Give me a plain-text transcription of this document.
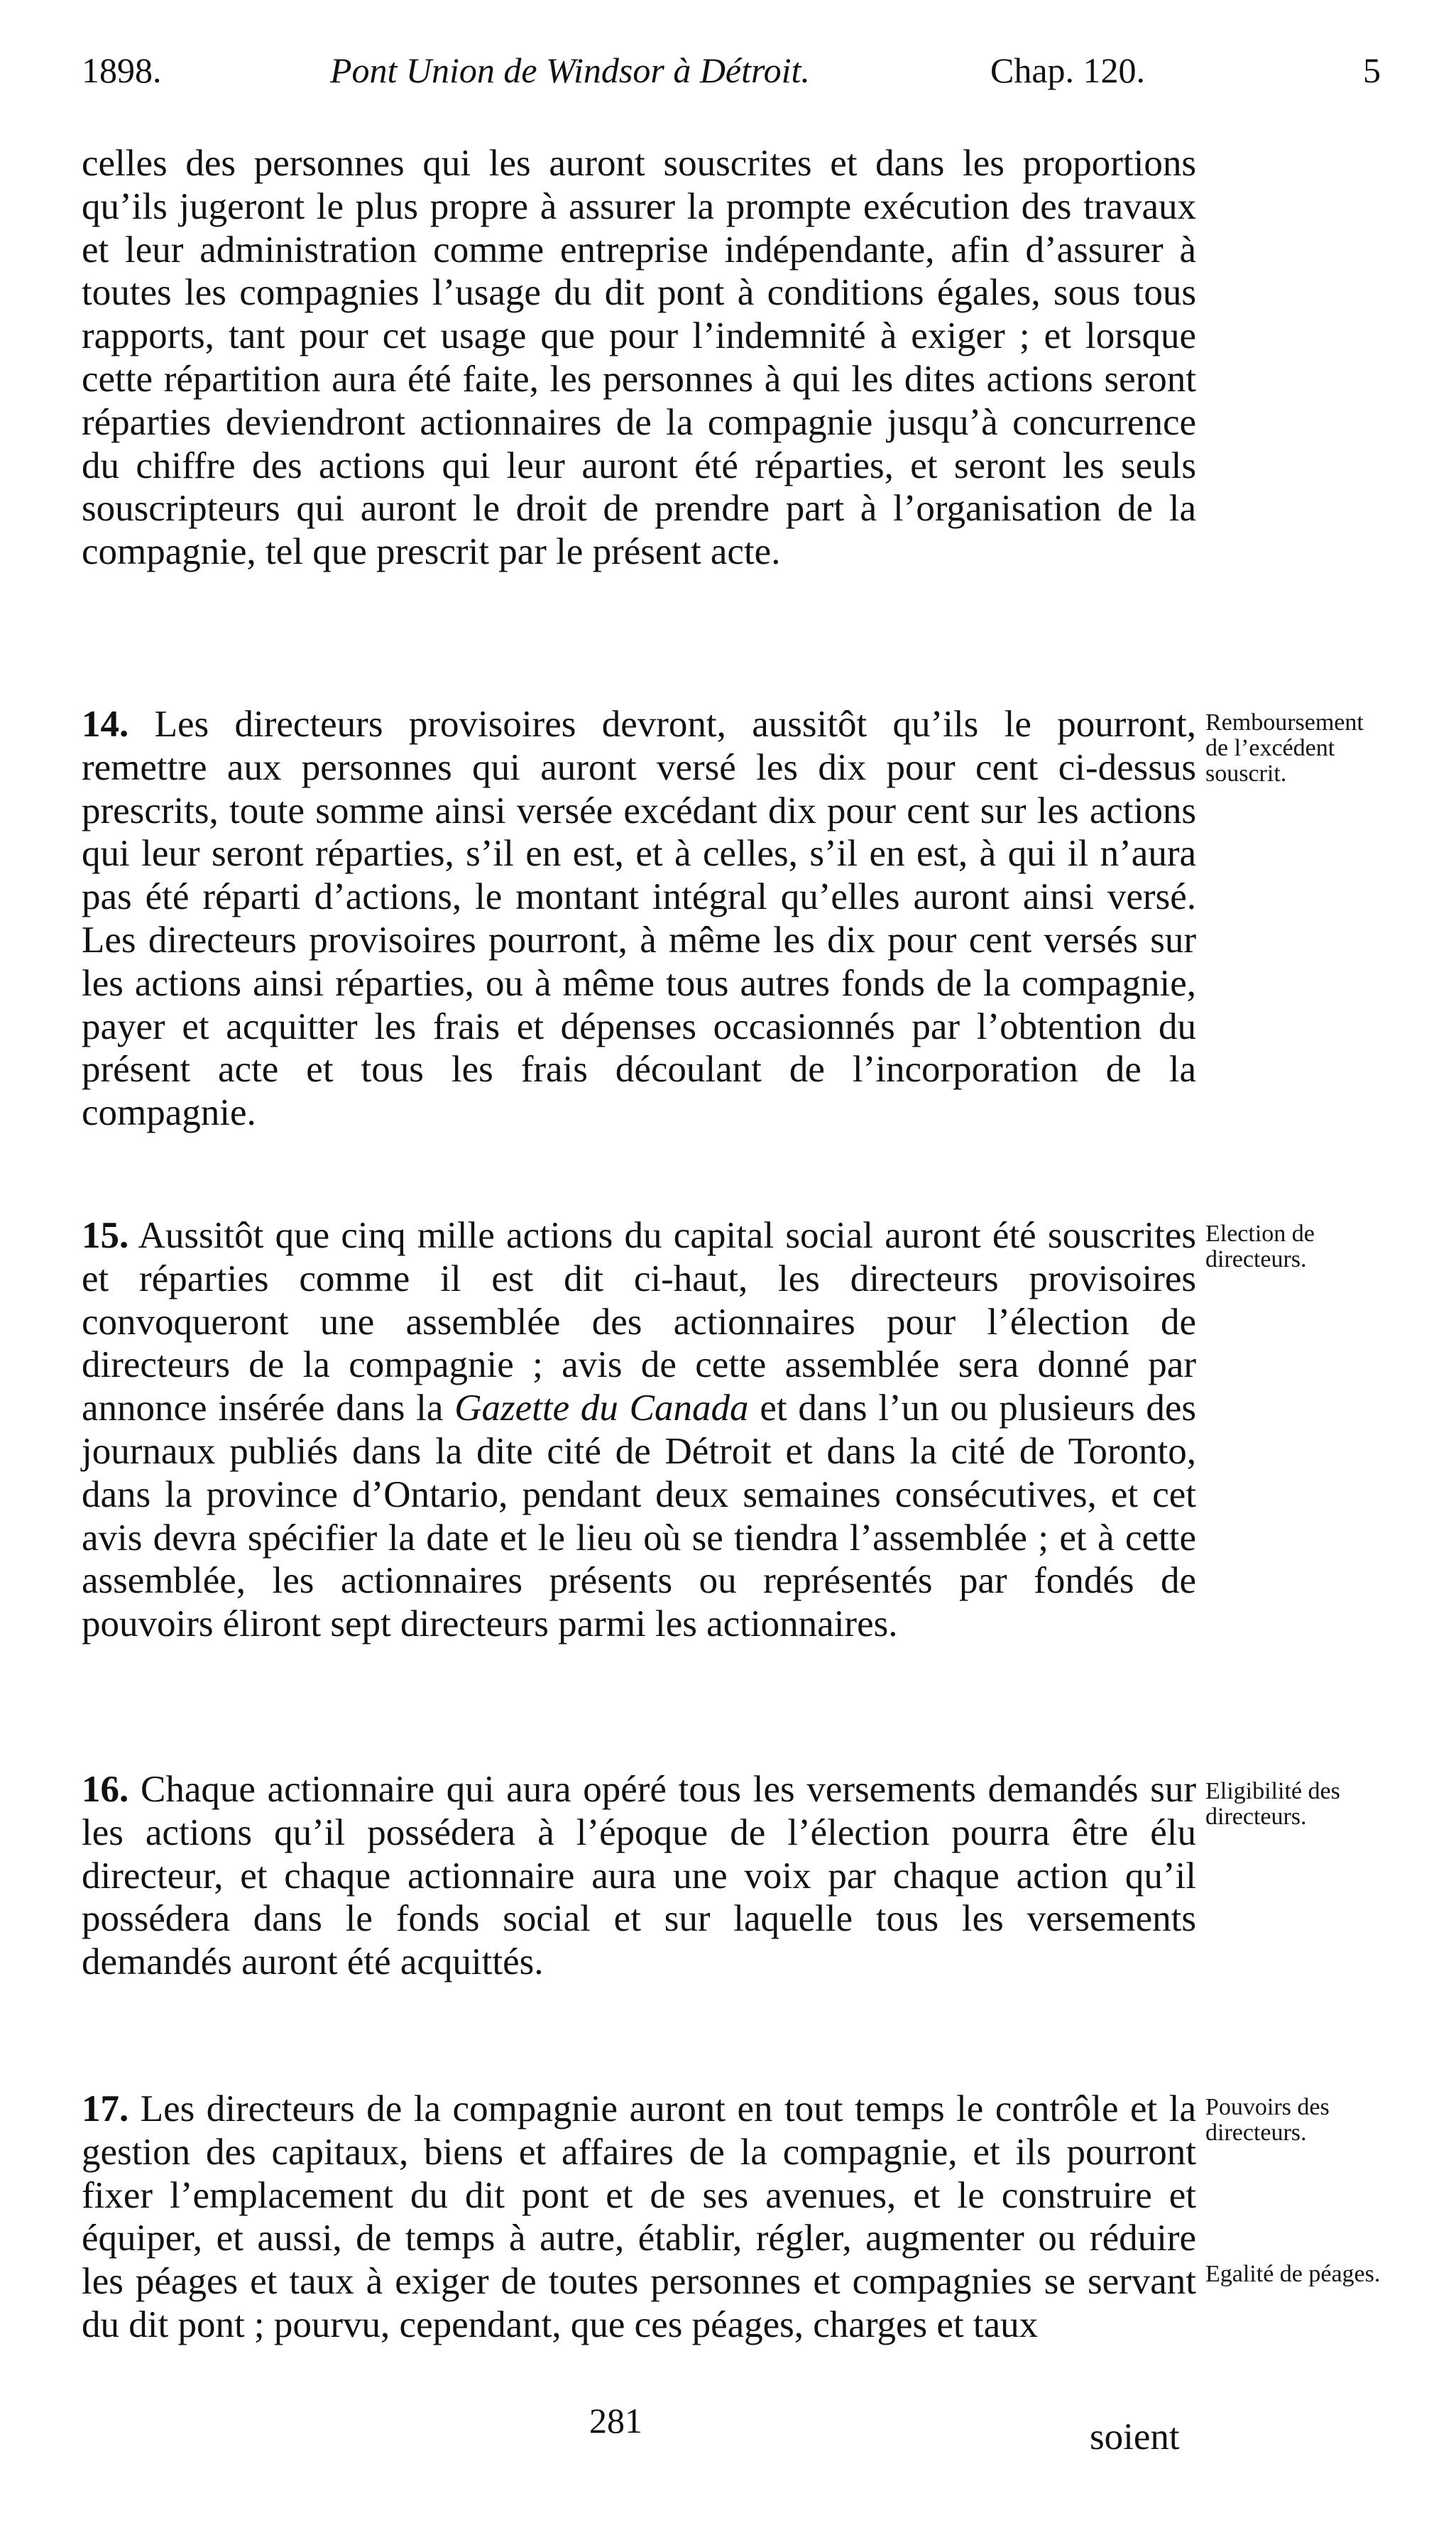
1898.	Pont Union de Windsor à Détroit.	Chap. 120.	5

celles des personnes qui les auront souscrites et dans les proportions qu’ils jugeront le plus propre à assurer la prompte exécution des travaux et leur administration comme entreprise indépendante, afin d’assurer à toutes les compagnies l’usage du dit pont à conditions égales, sous tous rapports, tant pour cet usage que pour l’indemnité à exiger ; et lorsque cette répartition aura été faite, les personnes à qui les dites actions seront réparties deviendront actionnaires de la compagnie jusqu’à concurrence du chiffre des actions qui leur auront été réparties, et seront les seuls souscripteurs qui auront le droit de prendre part à l’organisation de la compagnie, tel que prescrit par le présent acte.

14. Les directeurs provisoires devront, aussitôt qu’ils le pourront, remettre aux personnes qui auront versé les dix pour cent ci-dessus prescrits, toute somme ainsi versée excédant dix pour cent sur les actions qui leur seront réparties, s’il en est, et à celles, s’il en est, à qui il n’aura pas été réparti d’actions, le montant intégral qu’elles auront ainsi versé. Les directeurs provisoires pourront, à même les dix pour cent versés sur les actions ainsi réparties, ou à même tous autres fonds de la compagnie, payer et acquitter les frais et dépenses occasionnés par l’obtention du présent acte et tous les frais découlant de l’incorporation de la compagnie.

15. Aussitôt que cinq mille actions du capital social auront été souscrites et réparties comme il est dit ci-haut, les directeurs provisoires convoqueront une assemblée des actionnaires pour l’élection de directeurs de la compagnie ; avis de cette assemblée sera donné par annonce insérée dans la Gazette du Canada et dans l’un ou plusieurs des journaux publiés dans la dite cité de Détroit et dans la cité de Toronto, dans la province d’Ontario, pendant deux semaines consécutives, et cet avis devra spécifier la date et le lieu où se tiendra l’assemblée ; et à cette assemblée, les actionnaires présents ou représentés par fondés de pouvoirs éliront sept directeurs parmi les actionnaires.

16. Chaque actionnaire qui aura opéré tous les versements demandés sur les actions qu’il possédera à l’époque de l’élection pourra être élu directeur, et chaque actionnaire aura une voix par chaque action qu’il possédera dans le fonds social et sur laquelle tous les versements demandés auront été acquittés.

17. Les directeurs de la compagnie auront en tout temps le contrôle et la gestion des capitaux, biens et affaires de la compagnie, et ils pourront fixer l’emplacement du dit pont et de ses avenues, et le construire et équiper, et aussi, de temps à autre, établir, régler, augmenter ou réduire les péages et taux à exiger de toutes personnes et compagnies se servant du dit pont ; pourvu, cependant, que ces péages, charges et taux

Remboursement de l’excédent souscrit.
Election de directeurs.
Eligibilité des directeurs.
Pouvoirs des directeurs.
Egalité de péages.
281	soient
